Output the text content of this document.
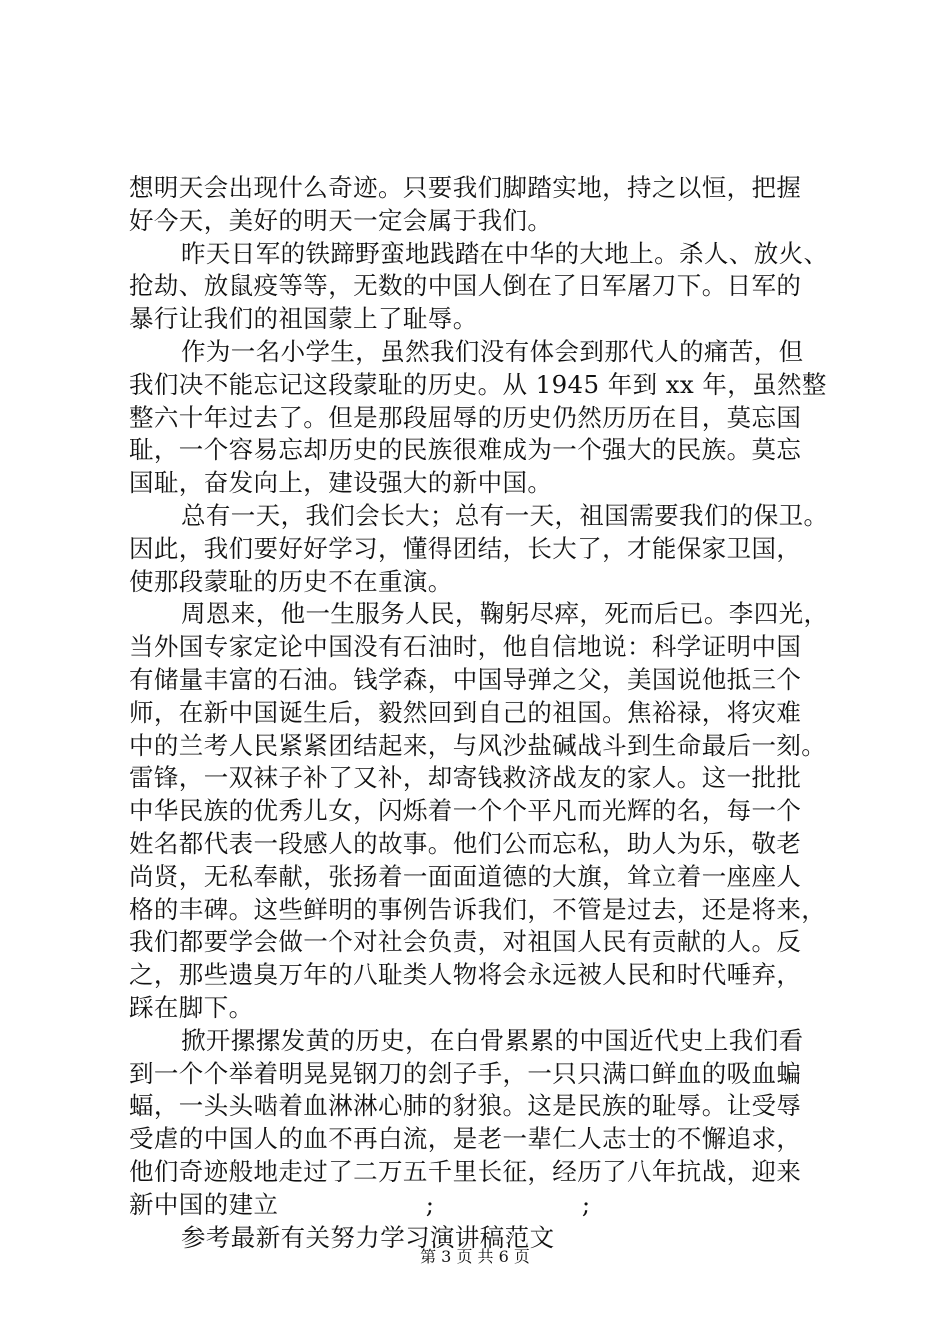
想明天会出现什么奇迹。只要我们脚踏实地，持之以恒，把握
好今天，美好的明天一定会属于我们。
昨天日军的铁蹄野蛮地践踏在中华的大地上。杀人、放火、
抢劫、放鼠疫等等，无数的中国人倒在了日军屠刀下。日军的
暴行让我们的祖国蒙上了耻辱。
作为一名小学生，虽然我们没有体会到那代人的痛苦，但
我们决不能忘记这段蒙耻的历史。从 1945 年到 xx 年，虽然整
整六十年过去了。但是那段屈辱的历史仍然历历在目，莫忘国
耻，一个容易忘却历史的民族很难成为一个强大的民族。莫忘
国耻，奋发向上，建设强大的新中国。
总有一天，我们会长大；总有一天，祖国需要我们的保卫。
因此，我们要好好学习，懂得团结，长大了，才能保家卫国，
使那段蒙耻的历史不在重演。
周恩来，他一生服务人民，鞠躬尽瘁，死而后已。李四光，
当外国专家定论中国没有石油时，他自信地说：科学证明中国
有储量丰富的石油。钱学森，中国导弹之父，美国说他抵三个
师，在新中国诞生后，毅然回到自己的祖国。焦裕禄，将灾难
中的兰考人民紧紧团结起来，与风沙盐碱战斗到生命最后一刻。
雷锋，一双袜子补了又补，却寄钱救济战友的家人。这一批批
中华民族的优秀儿女，闪烁着一个个平凡而光辉的名，每一个
姓名都代表一段感人的故事。他们公而忘私，助人为乐，敬老
尚贤，无私奉献，张扬着一面面道德的大旗，耸立着一座座人
格的丰碑。这些鲜明的事例告诉我们，不管是过去，还是将来，
我们都要学会做一个对社会负责，对祖国人民有贡献的人。反
之，那些遗臭万年的八耻类人物将会永远被人民和时代唾弃，
踩在脚下。
掀开摞摞发黄的历史，在白骨累累的中国近代史上我们看
到一个个举着明晃晃钢刀的刽子手，一只只满口鲜血的吸血蝙
蝠，一头头啮着血淋淋心肺的豺狼。这是民族的耻辱。让受辱
受虐的中国人的血不再白流，是老一辈仁人志士的不懈追求，
他们奇迹般地走过了二万五千里长征，经历了八年抗战，迎来
新中国的建立                  ;                  ;
参考最新有关努力学习演讲稿范文
第 3 页 共 6 页
